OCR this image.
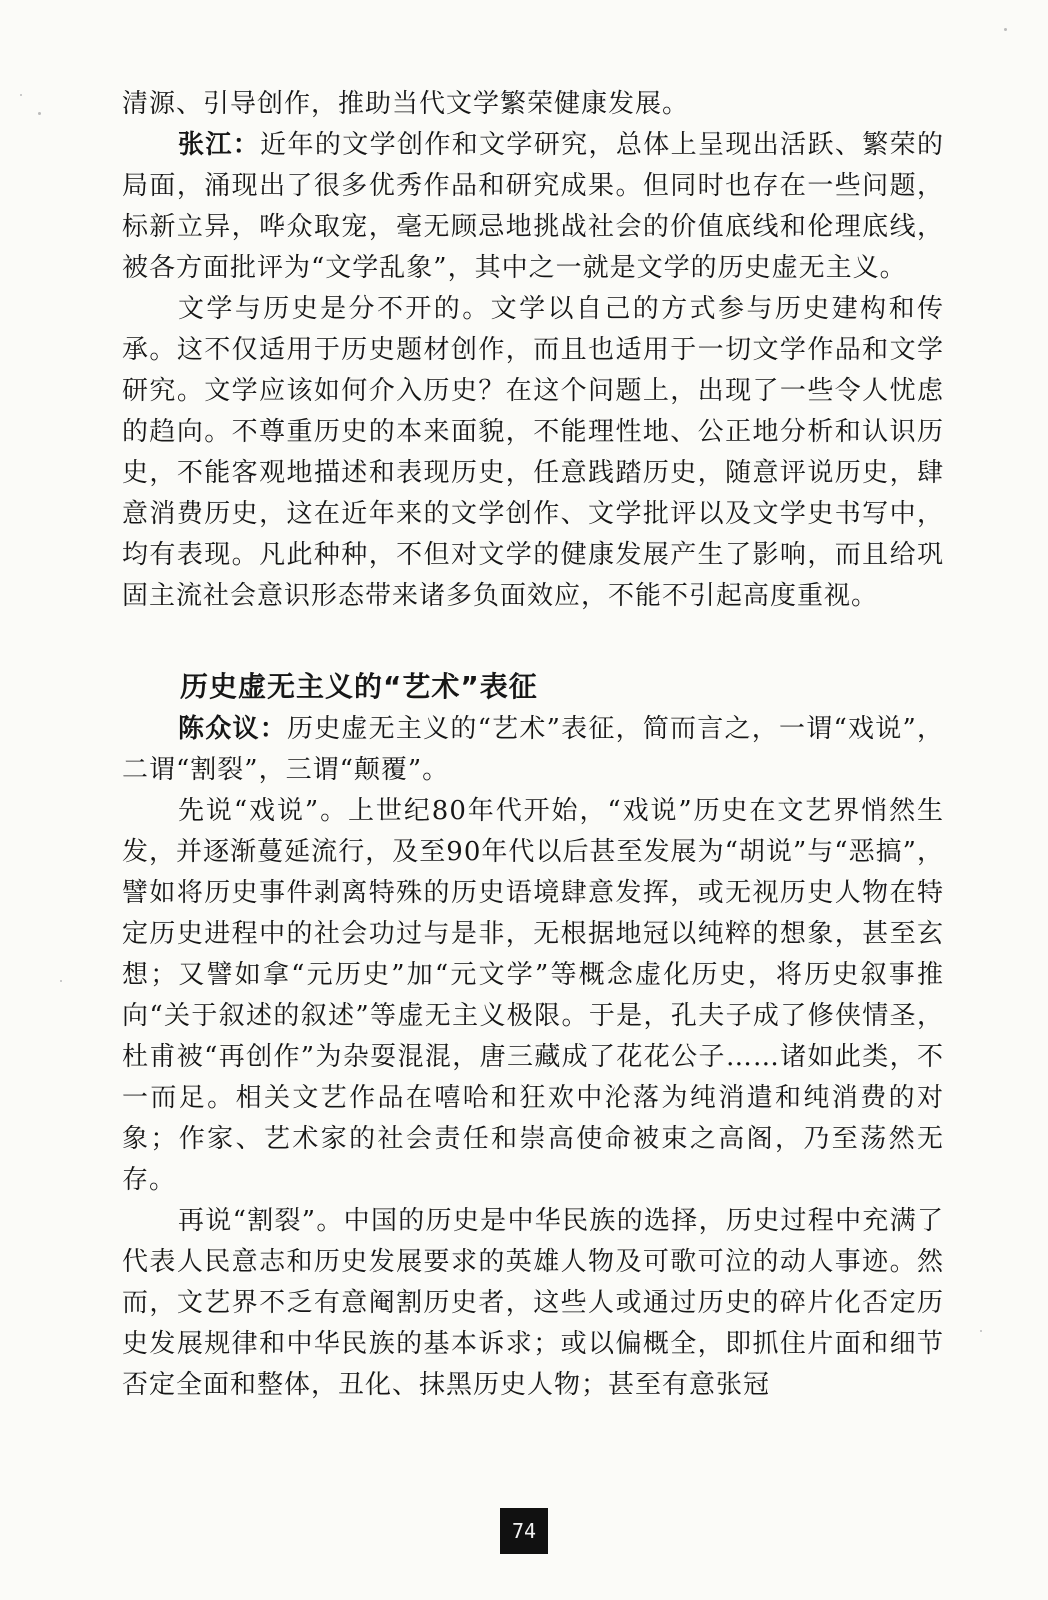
清源、引导创作，推助当代文学繁荣健康发展。

张江：近年的文学创作和文学研究，总体上呈现出活跃、繁荣的局面，涌现出了很多优秀作品和研究成果。但同时也存在一些问题，标新立异，哗众取宠，毫无顾忌地挑战社会的价值底线和伦理底线，被各方面批评为“文学乱象”，其中之一就是文学的历史虚无主义。

文学与历史是分不开的。文学以自己的方式参与历史建构和传承。这不仅适用于历史题材创作，而且也适用于一切文学作品和文学研究。文学应该如何介入历史？在这个问题上，出现了一些令人忧虑的趋向。不尊重历史的本来面貌，不能理性地、公正地分析和认识历史，不能客观地描述和表现历史，任意践踏历史，随意评说历史，肆意消费历史，这在近年来的文学创作、文学批评以及文学史书写中，均有表现。凡此种种，不但对文学的健康发展产生了影响，而且给巩固主流社会意识形态带来诸多负面效应，不能不引起高度重视。

历史虚无主义的“艺术”表征

陈众议：历史虚无主义的“艺术”表征，简而言之，一谓“戏说”，二谓“割裂”，三谓“颠覆”。

先说“戏说”。上世纪80年代开始，“戏说”历史在文艺界悄然生发，并逐渐蔓延流行，及至90年代以后甚至发展为“胡说”与“恶搞”，譬如将历史事件剥离特殊的历史语境肆意发挥，或无视历史人物在特定历史进程中的社会功过与是非，无根据地冠以纯粹的想象，甚至玄想；又譬如拿“元历史”加“元文学”等概念虚化历史，将历史叙事推向“关于叙述的叙述”等虚无主义极限。于是，孔夫子成了修侠情圣，杜甫被“再创作”为杂耍混混，唐三藏成了花花公子……诸如此类，不一而足。相关文艺作品在嘻哈和狂欢中沦落为纯消遣和纯消费的对象；作家、艺术家的社会责任和崇高使命被束之高阁，乃至荡然无存。

再说“割裂”。中国的历史是中华民族的选择，历史过程中充满了代表人民意志和历史发展要求的英雄人物及可歌可泣的动人事迹。然而，文艺界不乏有意阉割历史者，这些人或通过历史的碎片化否定历史发展规律和中华民族的基本诉求；或以偏概全，即抓住片面和细节否定全面和整体，丑化、抹黑历史人物；甚至有意张冠

74
